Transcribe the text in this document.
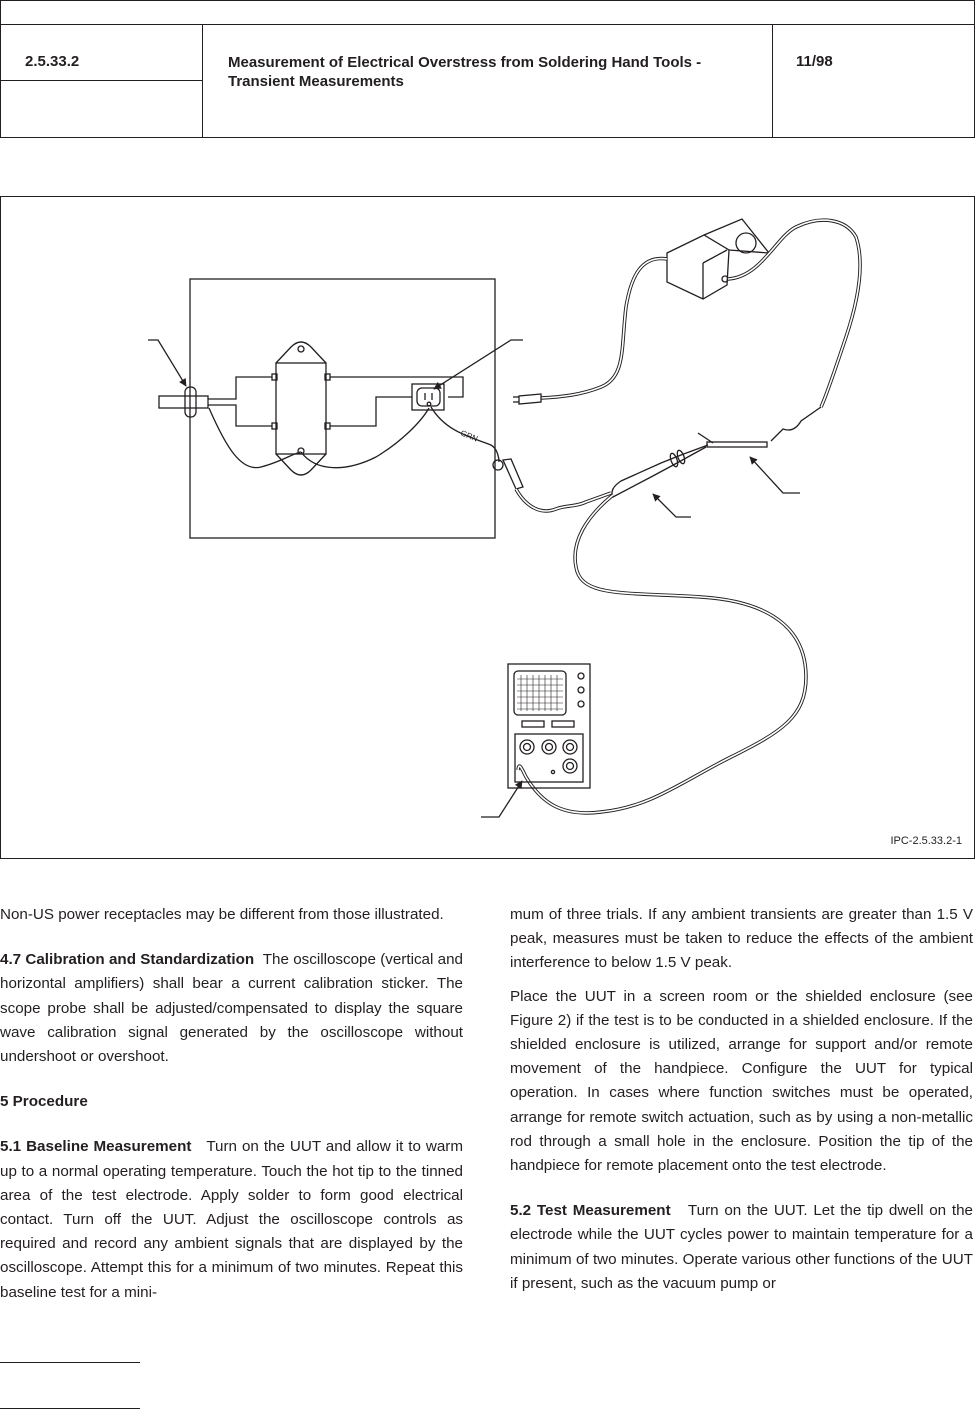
2.5.33.2	Measurement of Electrical Overstress from Soldering Hand Tools - Transient Measurements
11/98
GRN
IPC-2.5.33.2-1

Non-US power receptacles may be different from those illustrated.

4.7 Calibration and Standardization The oscilloscope (vertical and horizontal amplifiers) shall bear a current calibration sticker. The scope probe shall be adjusted/compensated to display the square wave calibration signal generated by the oscilloscope without undershoot or overshoot.

5 Procedure

5.1 Baseline Measurement Turn on the UUT and allow it to warm up to a normal operating temperature. Touch the hot tip to the tinned area of the test electrode. Apply solder to form good electrical contact. Turn off the UUT. Adjust the oscilloscope controls as required and record any ambient signals that are displayed by the oscilloscope. Attempt this for a minimum of two minutes. Repeat this baseline test for a mini-

mum of three trials. If any ambient transients are greater than 1.5 V peak, measures must be taken to reduce the effects of the ambient interference to below 1.5 V peak.

Place the UUT in a screen room or the shielded enclosure (see Figure 2) if the test is to be conducted in a shielded enclosure. If the shielded enclosure is utilized, arrange for support and/or remote movement of the handpiece. Configure the UUT for typical operation. In cases where function switches must be operated, arrange for remote switch actuation, such as by using a non-metallic rod through a small hole in the enclosure. Position the tip of the handpiece for remote placement onto the test electrode.

5.2 Test Measurement Turn on the UUT. Let the tip dwell on the electrode while the UUT cycles power to maintain temperature for a minimum of two minutes. Operate various other functions of the UUT if present, such as the vacuum pump or
